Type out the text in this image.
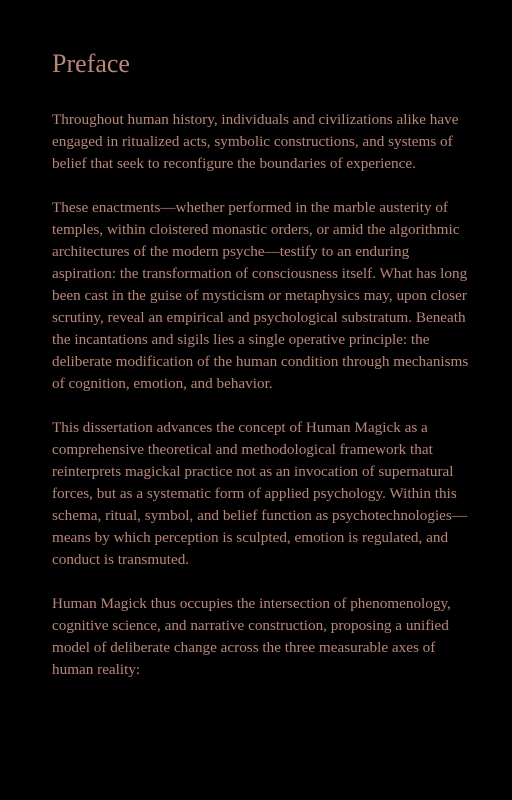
Preface

Throughout human history, individuals and civilizations alike have engaged in ritualized acts, symbolic constructions, and systems of belief that seek to reconfigure the boundaries of experience.

These enactments—whether performed in the marble austerity of temples, within cloistered monastic orders, or amid the algorithmic architectures of the modern psyche—testify to an enduring aspiration: the transformation of consciousness itself. What has long been cast in the guise of mysticism or metaphysics may, upon closer scrutiny, reveal an empirical and psychological substratum. Beneath the incantations and sigils lies a single operative principle: the deliberate modification of the human condition through mechanisms of cognition, emotion, and behavior.

This dissertation advances the concept of Human Magick as a comprehensive theoretical and methodological framework that reinterprets magickal practice not as an invocation of supernatural forces, but as a systematic form of applied psychology. Within this schema, ritual, symbol, and belief function as psychotechnologies—means by which perception is sculpted, emotion is regulated, and conduct is transmuted.

Human Magick thus occupies the intersection of phenomenology, cognitive science, and narrative construction, proposing a unified model of deliberate change across the three measurable axes of human reality:
